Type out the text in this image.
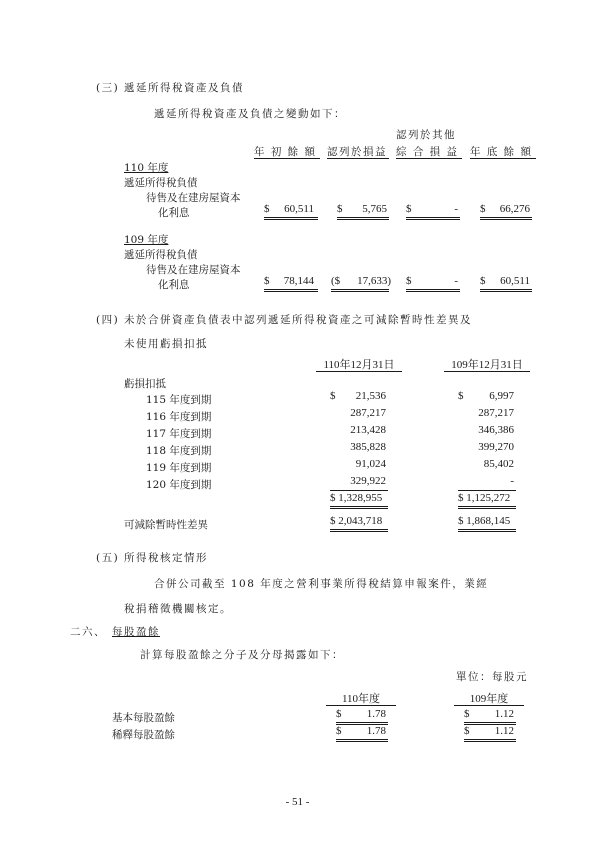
(三) 遞延所得稅資產及負債
遞延所得稅資產及負債之變動如下：
認列於其他
年 初 餘 額 認列於損益 綜 合 損 益 年 底 餘 額
110 年度
遞延所得稅負債
待售及在建房屋資本
化利息	$	60,511 $	5,765 $	- $	66,276
109 年度
遞延所得稅負債
待售及在建房屋資本
化利息	$	78,144 ($	17,633) $	- $	60,511
(四) 未於合併資產負債表中認列遞延所得稅資產之可減除暫時性差異及
未使用虧損扣抵
110年12月31日	109年12月31日
虧損扣抵
115 年度到期	$	21,536	$	6,997
116 年度到期	287,217	287,217
117 年度到期	213,428	346,386
118 年度到期	385,828	399,270
119 年度到期	91,024	85,402
120 年度到期	329,922	-
$ 1,328,955	$ 1,125,272
可減除暫時性差異	$ 2,043,718	$ 1,868,145
(五) 所得稅核定情形
合併公司截至 108 年度之營利事業所得稅結算申報案件，業經
稅捐稽徵機關核定。
二六、 每股盈餘
計算每股盈餘之分子及分母揭露如下：
單位：每股元
110年度	109年度
基本每股盈餘	$	1.78	$	1.12
稀釋每股盈餘	$	1.78	$	1.12
- 51 -
